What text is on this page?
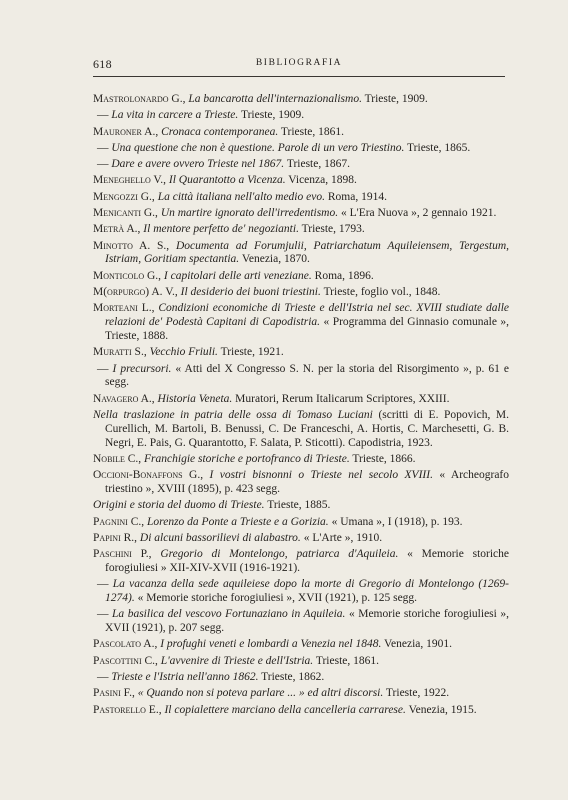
618	BIBLIOGRAFIA

Mastrolonardo G., La bancarotta dell'internazionalismo. Trieste, 1909.

— La vita in carcere a Trieste. Trieste, 1909.

Mauroner A., Cronaca contemporanea. Trieste, 1861.

— Una questione che non è questione. Parole di un vero Triestino. Trieste, 1865.

— Dare e avere ovvero Trieste nel 1867. Trieste, 1867.

Meneghello V., Il Quarantotto a Vicenza. Vicenza, 1898.

Mengozzi G., La città italiana nell'alto medio evo. Roma, 1914.

Menicanti G., Un martire ignorato dell'irredentismo. « L'Era Nuova », 2 gennaio 1921.

Metrà A., Il mentore perfetto de' negozianti. Trieste, 1793.

Minotto A. S., Documenta ad Forumjulii, Patriarchatum Aquileiensem, Tergestum, Istriam, Goritiam spectantia. Venezia, 1870.

Monticolo G., I capitolari delle arti veneziane. Roma, 1896.

M(orpurgo) A. V., Il desiderio dei buoni triestini. Trieste, foglio vol., 1848.

Morteani L., Condizioni economiche di Trieste e dell'Istria nel sec. XVIII studiate dalle relazioni de' Podestà Capitani di Capodistria. « Programma del Ginnasio comunale », Trieste, 1888.

Muratti S., Vecchio Friuli. Trieste, 1921.

— I precursori. « Atti del X Congresso S. N. per la storia del Risorgimento », p. 61 e segg.

Navagero A., Historia Veneta. Muratori, Rerum Italicarum Scriptores, XXIII.

Nella traslazione in patria delle ossa di Tomaso Luciani (scritti di E. Popovich, M. Curellich, M. Bartoli, B. Benussi, C. De Franceschi, A. Hortis, C. Marchesetti, G. B. Negri, E. Pais, G. Quarantotto, F. Salata, P. Sticotti). Capodistria, 1923.

Nobile C., Franchigie storiche e portofranco di Trieste. Trieste, 1866.

Occioni-Bonaffons G., I vostri bisnonni o Trieste nel secolo XVIII. « Archeografo triestino », XVIII (1895), p. 423 segg.

Origini e storia del duomo di Trieste. Trieste, 1885.

Pagnini C., Lorenzo da Ponte a Trieste e a Gorizia. « Umana », I (1918), p. 193.

Papini R., Di alcuni bassorilievi di alabastro. « L'Arte », 1910.

Paschini P., Gregorio di Montelongo, patriarca d'Aquileia. « Memorie storiche forogiuliesi » XII-XIV-XVII (1916-1921).

— La vacanza della sede aquileiese dopo la morte di Gregorio di Montelongo (1269-1274). « Memorie storiche forogiuliesi », XVII (1921), p. 125 segg.

— La basilica del vescovo Fortunaziano in Aquileia. « Memorie storiche forogiuliesi », XVII (1921), p. 207 segg.

Pascolato A., I profughi veneti e lombardi a Venezia nel 1848. Venezia, 1901.

Pascottini C., L'avvenire di Trieste e dell'Istria. Trieste, 1861.

— Trieste e l'Istria nell'anno 1862. Trieste, 1862.

Pasini F., « Quando non si poteva parlare ... » ed altri discorsi. Trieste, 1922.

Pastorello E., Il copialettere marciano della cancelleria carrarese. Venezia, 1915.
